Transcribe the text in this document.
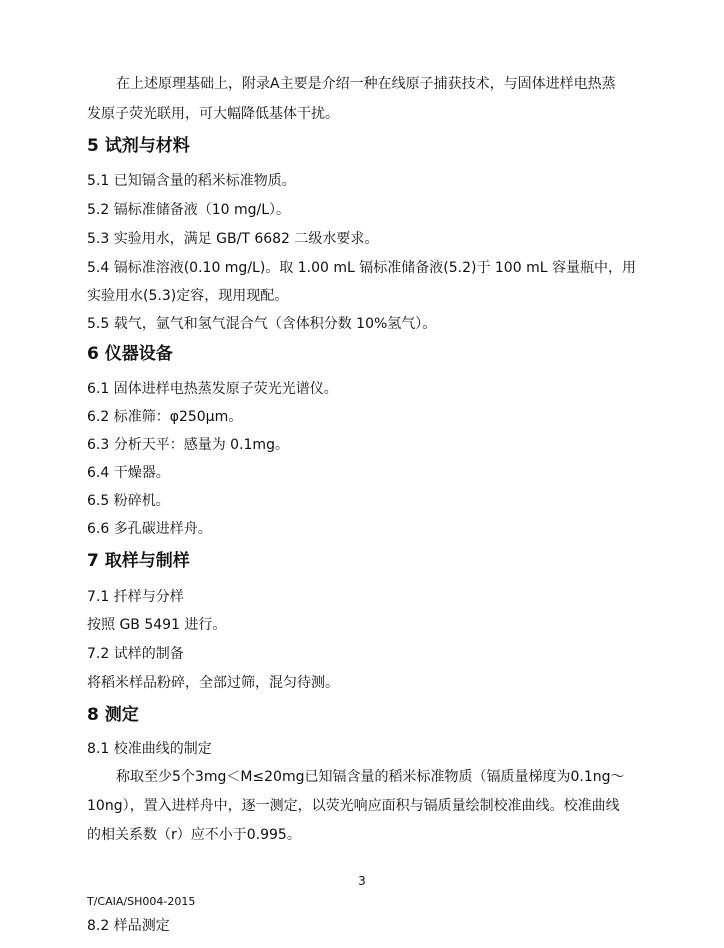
在上述原理基础上，附录A主要是介绍一种在线原子捕获技术，与固体进样电热蒸
发原子荧光联用，可大幅降低基体干扰。
5 试剂与材料
5.1 已知镉含量的稻米标准物质。
5.2 镉标准储备液（10 mg/L）。
5.3 实验用水，满足 GB/T 6682 二级水要求。
5.4 镉标准溶液(0.10 mg/L)。取 1.00 mL 镉标准储备液(5.2)于 100 mL 容量瓶中，用
实验用水(5.3)定容，现用现配。
5.5 载气，氩气和氢气混合气（含体积分数 10%氢气）。
6 仪器设备
6.1 固体进样电热蒸发原子荧光光谱仪。
6.2 标准筛：φ250μm。
6.3 分析天平：感量为 0.1mg。
6.4 干燥器。
6.5 粉碎机。
6.6 多孔碳进样舟。
7 取样与制样
7.1 扦样与分样
按照 GB 5491 进行。
7.2 试样的制备
将稻米样品粉碎，全部过筛，混匀待测。
8 测定
8.1 校准曲线的制定
称取至少5个3mg＜M≤20mg已知镉含量的稻米标准物质（镉质量梯度为0.1ng～
10ng），置入进样舟中，逐一测定，以荧光响应面积与镉质量绘制校准曲线。校准曲线
的相关系数（r）应不小于0.995。
3
T/CAIA/SH004-2015
8.2 样品测定
